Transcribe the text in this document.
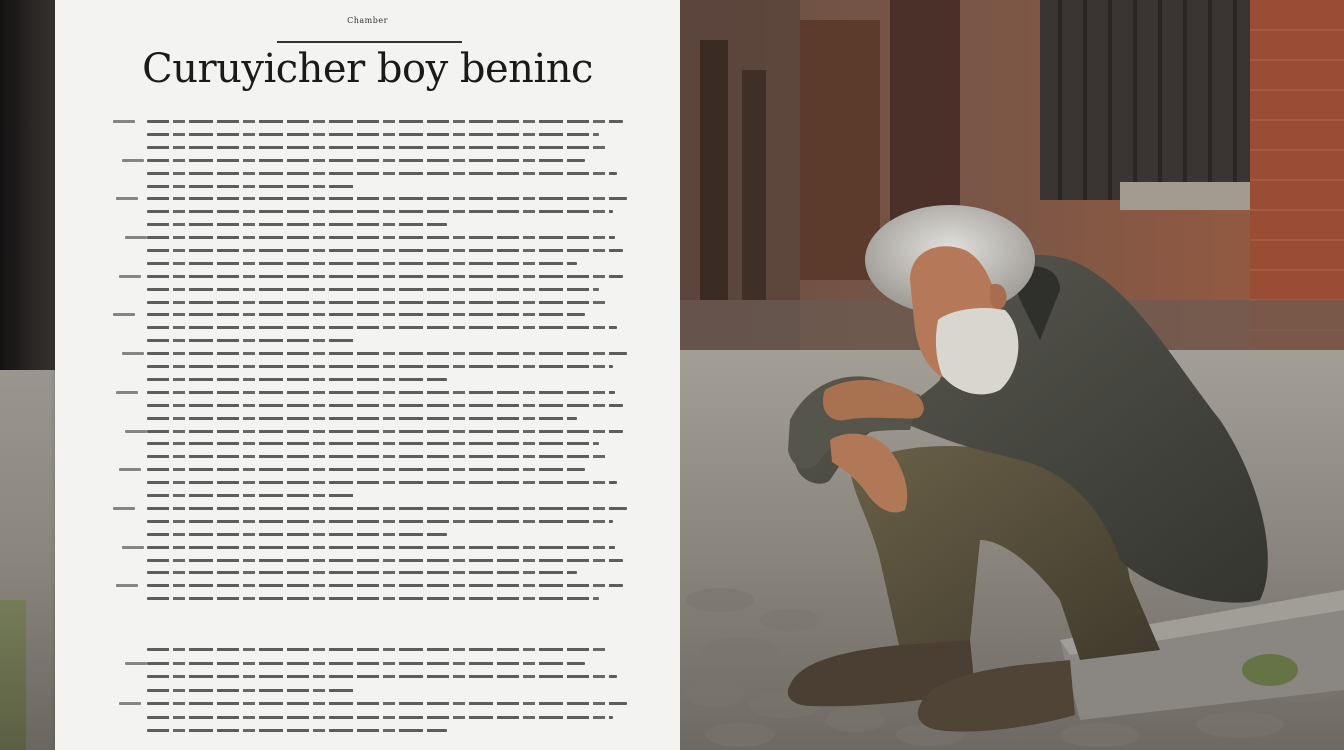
Chamber
Curuyicher boy beninc
